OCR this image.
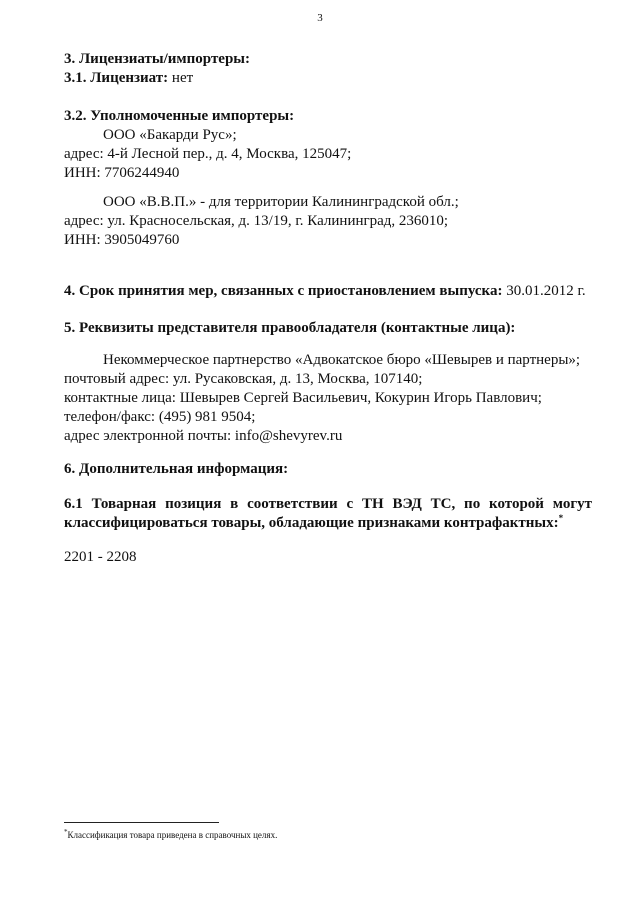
3
3. Лицензиаты/импортеры:
3.1. Лицензиат: нет
3.2. Уполномоченные импортеры:
ООО «Бакарди Рус»;
адрес: 4-й Лесной пер., д. 4, Москва, 125047;
ИНН: 7706244940
ООО «В.В.П.» - для территории Калининградской обл.;
адрес: ул. Красносельская, д. 13/19, г. Калининград, 236010;
ИНН: 3905049760
4. Срок принятия мер, связанных с приостановлением выпуска: 30.01.2012 г.
5. Реквизиты представителя правообладателя (контактные лица):
Некоммерческое партнерство «Адвокатское бюро «Шевырев и партнеры»;
почтовый адрес: ул. Русаковская, д. 13, Москва, 107140;
контактные лица: Шевырев Сергей Васильевич, Кокурин Игорь Павлович;
телефон/факс: (495) 981 9504;
адрес электронной почты: info@shevyrev.ru
6. Дополнительная информация:
6.1 Товарная позиция в соответствии с ТН ВЭД ТС, по которой могут
классифицироваться товары, обладающие признаками контрафактных:*
2201 - 2208
*Классификация товара приведена в справочных целях.
